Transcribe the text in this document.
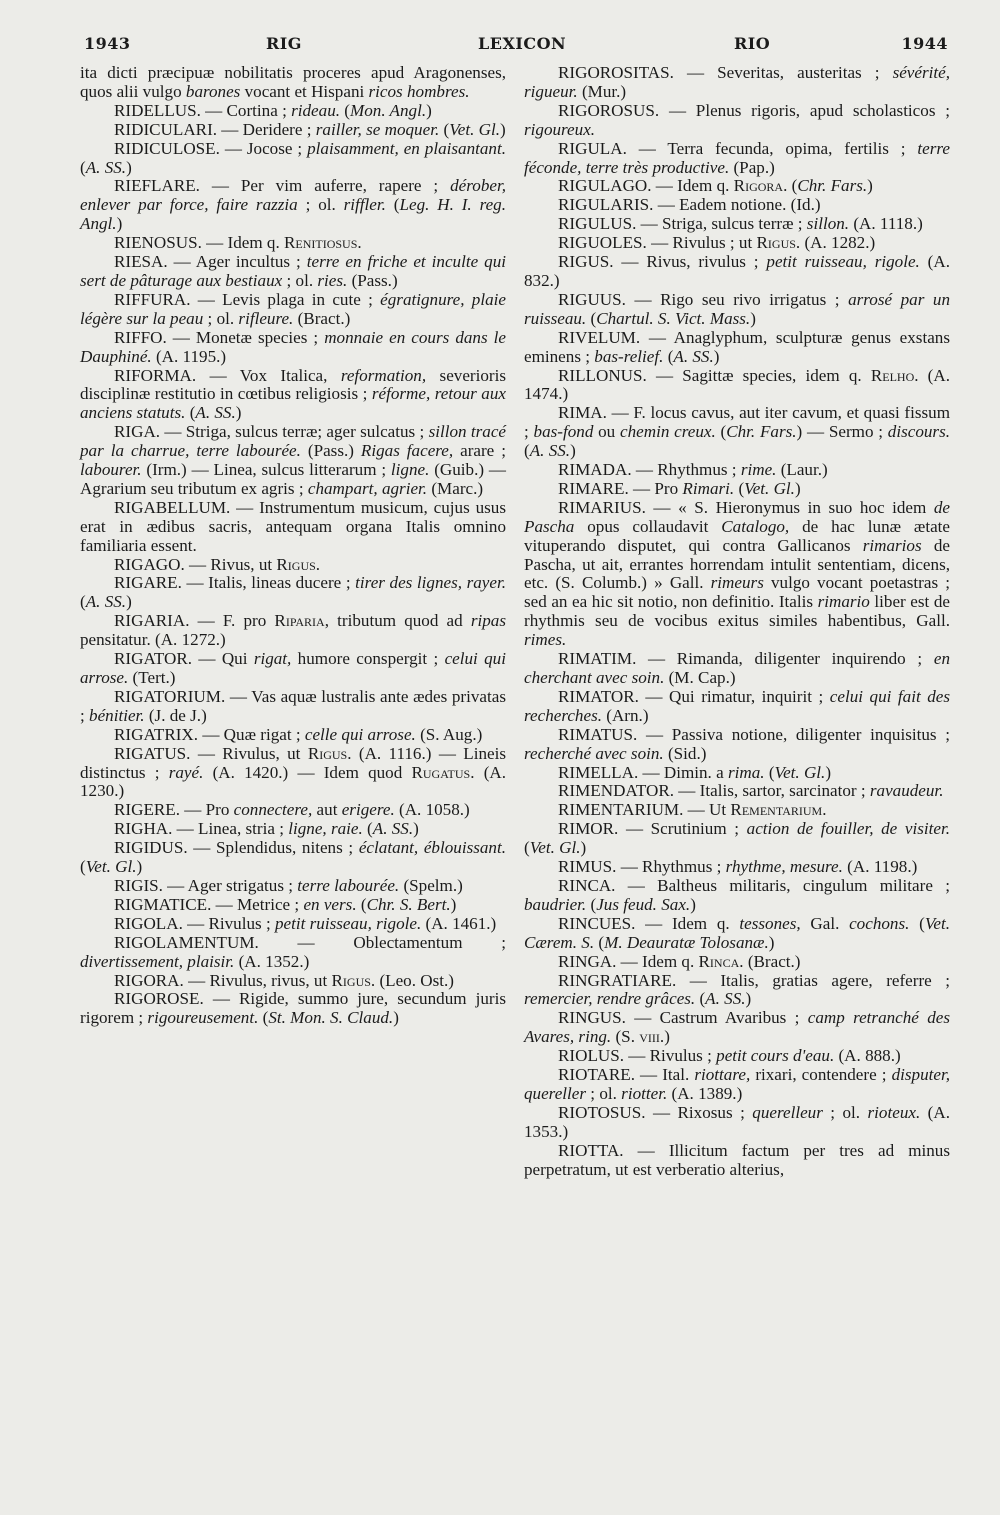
1943	RIG	LEXICON	RIO	1944

ita dicti præcipuæ nobilitatis proceres apud Aragonenses, quos alii vulgo barones vocant et Hispani ricos hombres.

RIDELLUS. — Cortina ; rideau. (Mon. Angl.)

RIDICULARI. — Deridere ; railler, se moquer. (Vet. Gl.)

RIDICULOSE. — Jocose ; plaisamment, en plaisantant. (A. SS.)

RIEFLARE. — Per vim auferre, rapere ; dérober, enlever par force, faire razzia ; ol. riffler. (Leg. H. I. reg. Angl.)

RIENOSUS. — Idem q. Renitiosus.

RIESA. — Ager incultus ; terre en friche et inculte qui sert de pâturage aux bestiaux ; ol. ries. (Pass.)

RIFFURA. — Levis plaga in cute ; égratignure, plaie légère sur la peau ; ol. rifleure. (Bract.)

RIFFO. — Monetæ species ; monnaie en cours dans le Dauphiné. (A. 1195.)

RIFORMA. — Vox Italica, reformation, severioris disciplinæ restitutio in cœtibus religiosis ; réforme, retour aux anciens statuts. (A. SS.)

RIGA. — Striga, sulcus terræ; ager sulcatus ; sillon tracé par la charrue, terre labourée. (Pass.) Rigas facere, arare ; labourer. (Irm.) — Linea, sulcus litterarum ; ligne. (Guib.) — Agrarium seu tributum ex agris ; champart, agrier. (Marc.)

RIGABELLUM. — Instrumentum musicum, cujus usus erat in ædibus sacris, antequam organa Italis omnino familiaria essent.

RIGAGO. — Rivus, ut Rigus.

RIGARE. — Italis, lineas ducere ; tirer des lignes, rayer. (A. SS.)

RIGARIA. — F. pro Riparia, tributum quod ad ripas pensitatur. (A. 1272.)

RIGATOR. — Qui rigat, humore conspergit ; celui qui arrose. (Tert.)

RIGATORIUM. — Vas aquæ lustralis ante ædes privatas ; bénitier. (J. de J.)

RIGATRIX. — Quæ rigat ; celle qui arrose. (S. Aug.)

RIGATUS. — Rivulus, ut Rigus. (A. 1116.) — Lineis distinctus ; rayé. (A. 1420.) — Idem quod Rugatus. (A. 1230.)

RIGERE. — Pro connectere, aut erigere. (A. 1058.)

RIGHA. — Linea, stria ; ligne, raie. (A. SS.)

RIGIDUS. — Splendidus, nitens ; éclatant, éblouissant. (Vet. Gl.)

RIGIS. — Ager strigatus ; terre labourée. (Spelm.)

RIGMATICE. — Metrice ; en vers. (Chr. S. Bert.)

RIGOLA. — Rivulus ; petit ruisseau, rigole. (A. 1461.)

RIGOLAMENTUM. — Oblectamentum ; divertissement, plaisir. (A. 1352.)

RIGORA. — Rivulus, rivus, ut Rigus. (Leo. Ost.)

RIGOROSE. — Rigide, summo jure, secundum juris rigorem ; rigoureusement. (St. Mon. S. Claud.)

RIGOROSITAS. — Severitas, austeritas ; sévérité, rigueur. (Mur.)

RIGOROSUS. — Plenus rigoris, apud scholasticos ; rigoureux.

RIGULA. — Terra fecunda, opima, fertilis ; terre féconde, terre très productive. (Pap.)

RIGULAGO. — Idem q. Rigora. (Chr. Fars.)

RIGULARIS. — Eadem notione. (Id.)

RIGULUS. — Striga, sulcus terræ ; sillon. (A. 1118.)

RIGUOLES. — Rivulus ; ut Rigus. (A. 1282.)

RIGUS. — Rivus, rivulus ; petit ruisseau, rigole. (A. 832.)

RIGUUS. — Rigo seu rivo irrigatus ; arrosé par un ruisseau. (Chartul. S. Vict. Mass.)

RIVELUM. — Anaglyphum, sculpturæ genus exstans eminens ; bas-relief. (A. SS.)

RILLONUS. — Sagittæ species, idem q. Relho. (A. 1474.)

RIMA. — F. locus cavus, aut iter cavum, et quasi fissum ; bas-fond ou chemin creux. (Chr. Fars.) — Sermo ; discours. (A. SS.)

RIMADA. — Rhythmus ; rime. (Laur.)

RIMARE. — Pro Rimari. (Vet. Gl.)

RIMARIUS. — « S. Hieronymus in suo hoc idem de Pascha opus collaudavit Catalogo, de hac lunæ ætate vituperando disputet, qui contra Gallicanos rimarios de Pascha, ut ait, errantes horrendam intulit sententiam, dicens, etc. (S. Columb.) » Gall. rimeurs vulgo vocant poetastras ; sed an ea hic sit notio, non definitio. Italis rimario liber est de rhythmis seu de vocibus exitus similes habentibus, Gall. rimes.

RIMATIM. — Rimanda, diligenter inquirendo ; en cherchant avec soin. (M. Cap.)

RIMATOR. — Qui rimatur, inquirit ; celui qui fait des recherches. (Arn.)

RIMATUS. — Passiva notione, diligenter inquisitus ; recherché avec soin. (Sid.)

RIMELLA. — Dimin. a rima. (Vet. Gl.)

RIMENDATOR. — Italis, sartor, sarcinator ; ravaudeur.

RIMENTARIUM. — Ut Rementarium.

RIMOR. — Scrutinium ; action de fouiller, de visiter. (Vet. Gl.)

RIMUS. — Rhythmus ; rhythme, mesure. (A. 1198.)

RINCA. — Baltheus militaris, cingulum militare ; baudrier. (Jus feud. Sax.)

RINCUES. — Idem q. tessones, Gal. cochons. (Vet. Cærem. S. (M. Deauratæ Tolosanæ.)

RINGA. — Idem q. Rinca. (Bract.)

RINGRATIARE. — Italis, gratias agere, referre ; remercier, rendre grâces. (A. SS.)

RINGUS. — Castrum Avaribus ; camp retranché des Avares, ring. (S. viii.)

RIOLUS. — Rivulus ; petit cours d'eau. (A. 888.)

RIOTARE. — Ital. riottare, rixari, contendere ; disputer, quereller ; ol. riotter. (A. 1389.)

RIOTOSUS. — Rixosus ; querelleur ; ol. rioteux. (A. 1353.)

RIOTTA. — Illicitum factum per tres ad minus perpetratum, ut est verberatio alterius,
